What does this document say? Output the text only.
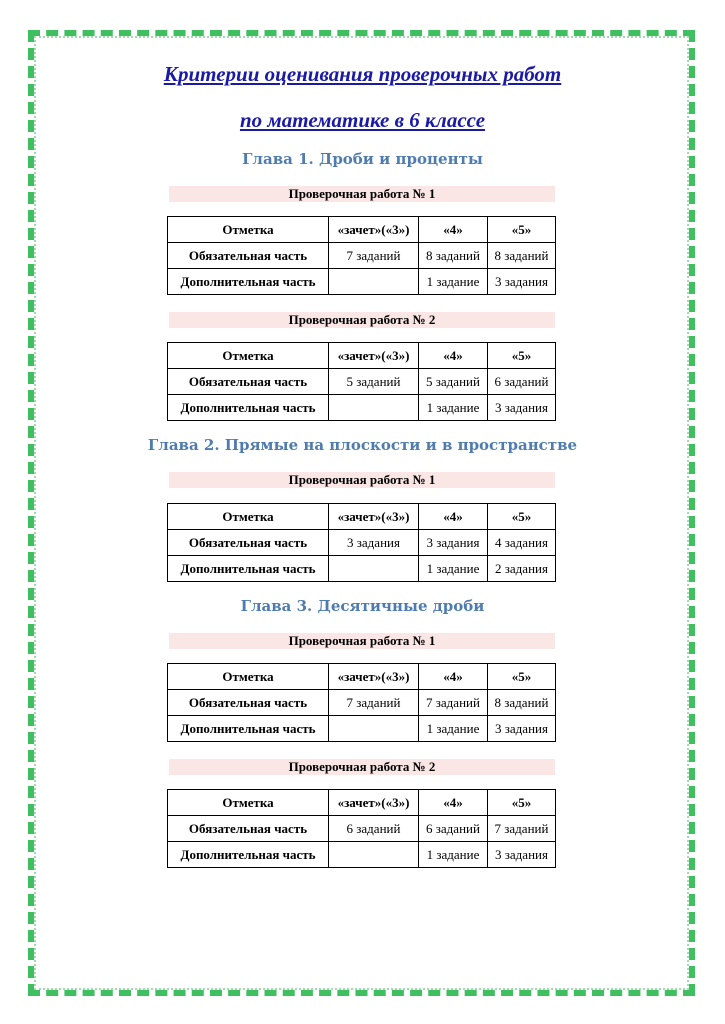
Критерии оценивания проверочных работ
по математике в 6 классе
Глава 1. Дроби и проценты
Проверочная работа № 1
Отметка	«зачет»(«3»)	«4»	«5»
Обязательная часть	7 заданий	8 заданий	8 заданий
Дополнительная часть		1 задание	3 задания
Проверочная работа № 2
Отметка	«зачет»(«3»)	«4»	«5»
Обязательная часть	5 заданий	5 заданий	6 заданий
Дополнительная часть		1 задание	3 задания
Глава 2. Прямые на плоскости и в пространстве
Проверочная работа № 1
Отметка	«зачет»(«3»)	«4»	«5»
Обязательная часть	3 задания	3 задания	4 задания
Дополнительная часть		1 задание	2 задания
Глава 3. Десятичные дроби
Проверочная работа № 1
Отметка	«зачет»(«3»)	«4»	«5»
Обязательная часть	7 заданий	7 заданий	8 заданий
Дополнительная часть		1 задание	3 задания
Проверочная работа № 2
Отметка	«зачет»(«3»)	«4»	«5»
Обязательная часть	6 заданий	6 заданий	7 заданий
Дополнительная часть		1 задание	3 задания
